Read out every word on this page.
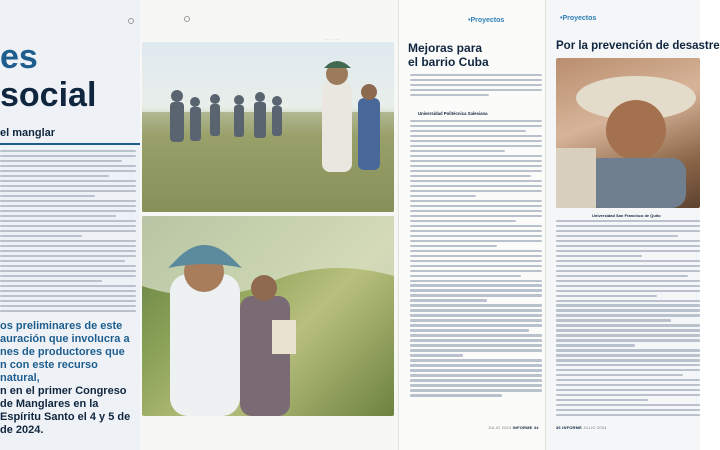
es
social
el manglar
os preliminares de este
auración que involucra a
nes de productores que
n con este recurso natural,
n en el primer Congreso
de Manglares en la
Espíritu Santo el 4 y 5 de
de 2024.
· · · · · · ·
• Proyectos
Mejoras para
el barrio Cuba
Universidad Politécnica Salesiana
JULIO 2024 INFORME 34
• Proyectos
Por la prevención de desastre
Universidad San Francisco de Quito
36 INFORME JULIO 2024
